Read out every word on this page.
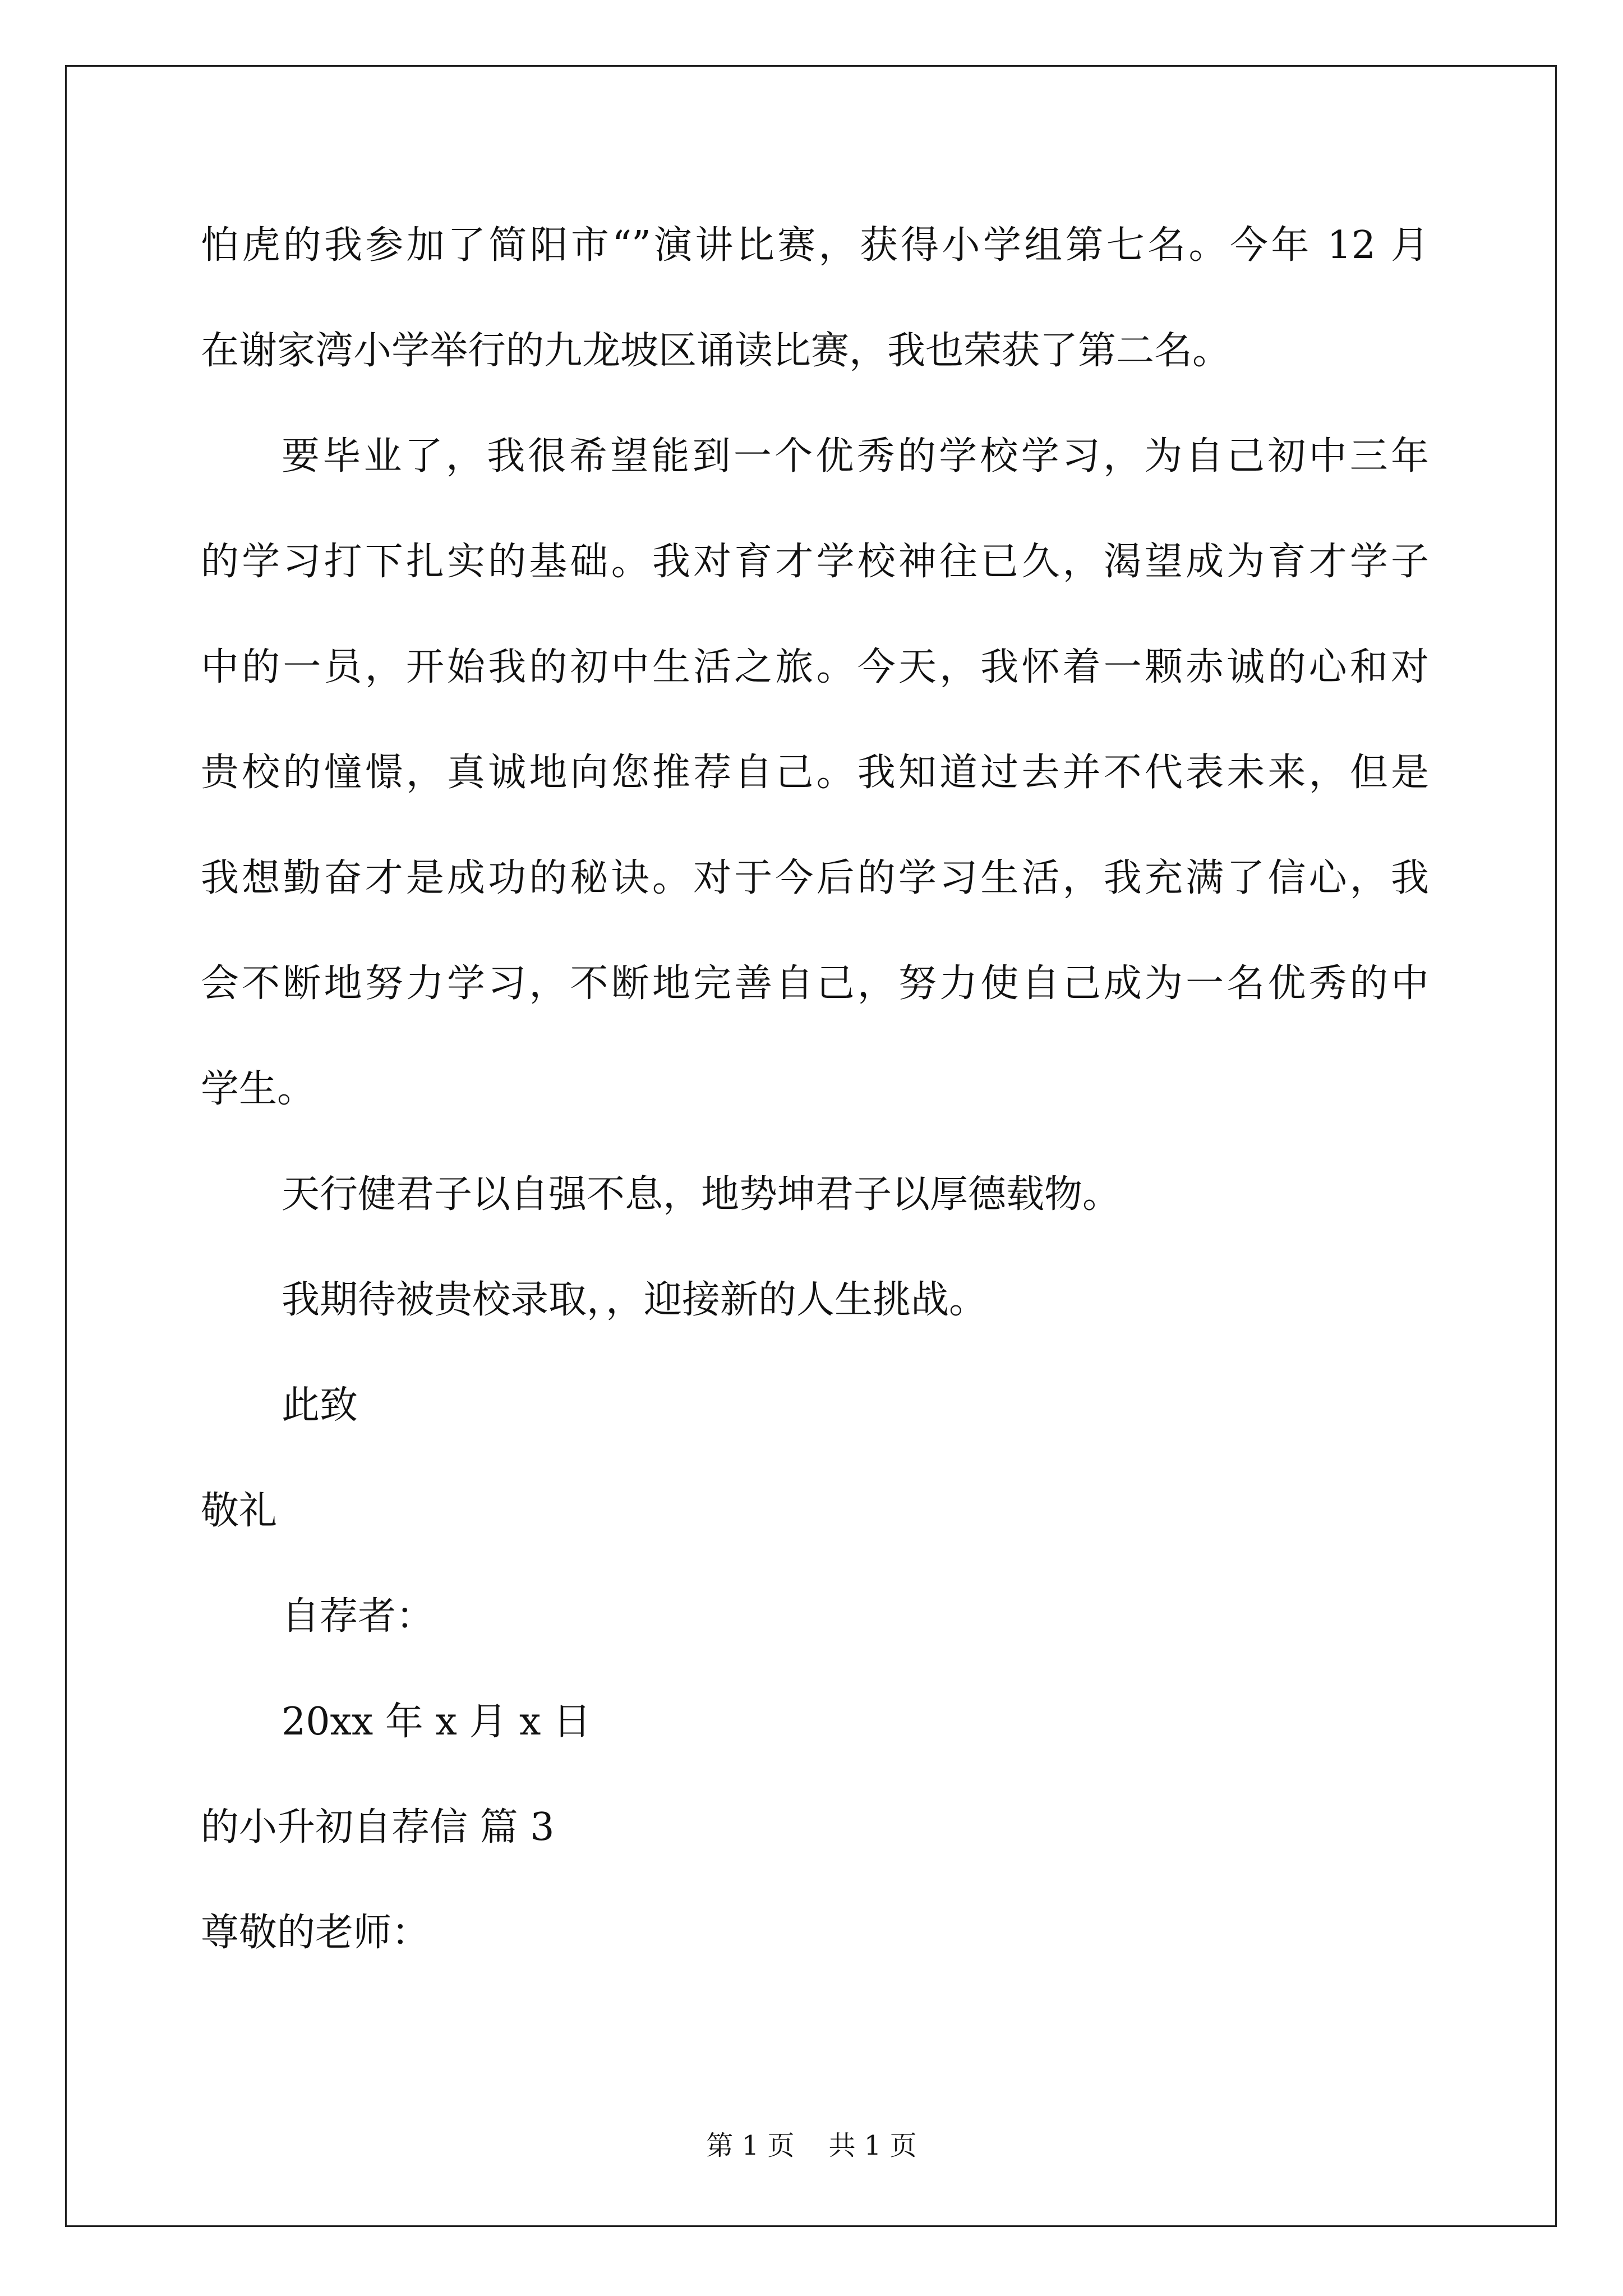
怕虎的我参加了简阳市“”演讲比赛，获得小学组第七名。今年 12 月
在谢家湾小学举行的九龙坡区诵读比赛，我也荣获了第二名。
要毕业了，我很希望能到一个优秀的学校学习，为自己初中三年
的学习打下扎实的基础。我对育才学校神往已久，渴望成为育才学子
中的一员，开始我的初中生活之旅。今天，我怀着一颗赤诚的心和对
贵校的憧憬，真诚地向您推荐自己。我知道过去并不代表未来，但是
我想勤奋才是成功的秘诀。对于今后的学习生活，我充满了信心，我
会不断地努力学习，不断地完善自己，努力使自己成为一名优秀的中
学生。
天行健君子以自强不息，地势坤君子以厚德载物。
我期待被贵校录取，，迎接新的人生挑战。
此致
敬礼
自荐者：
20xx 年 x 月 x 日
的小升初自荐信 篇 3
尊敬的老师：
第 1 页    共 1 页
